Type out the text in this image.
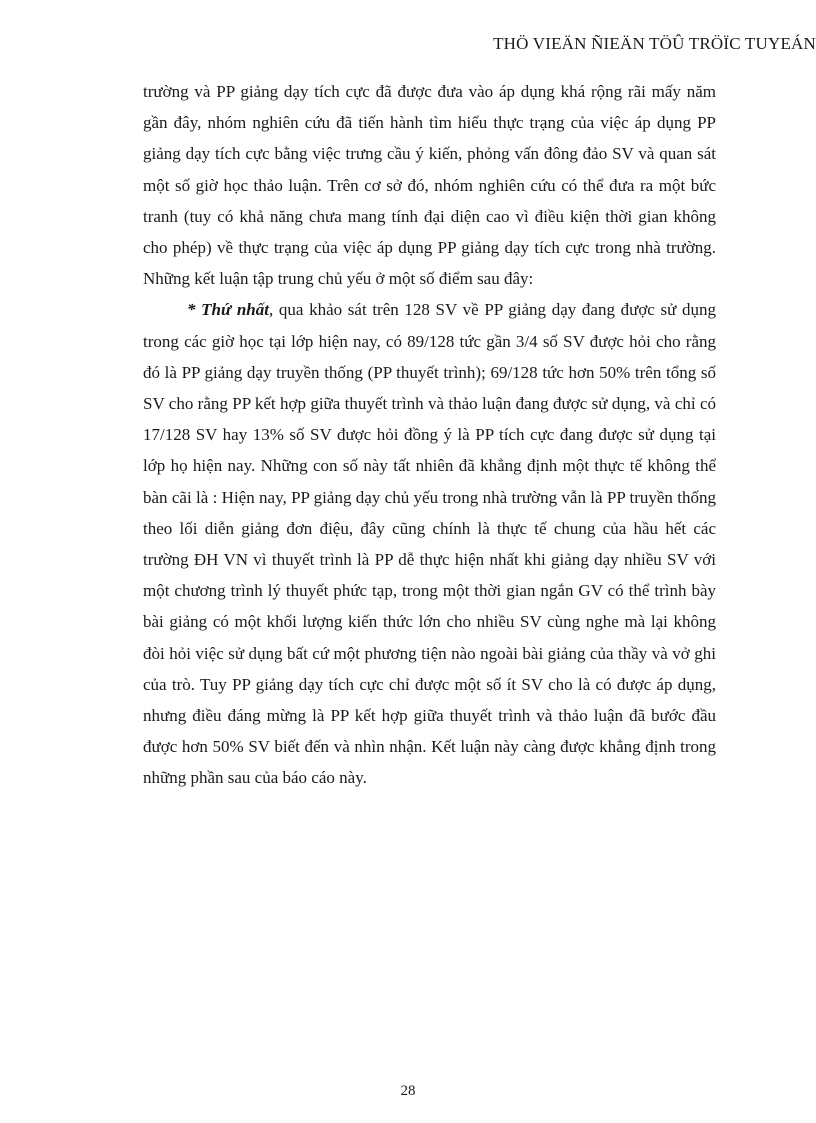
THÖ VIEÄN ÑIEÄN TÖÛ TRÖÏC TUYEÁN

trường và PP giảng dạy tích cực đã được đưa vào áp dụng khá rộng rãi mấy năm gần đây, nhóm nghiên cứu đã tiến hành tìm hiểu thực trạng của việc áp dụng PP giảng dạy tích cực bằng việc trưng cầu ý kiến, phỏng vấn đông đảo SV và quan sát một số giờ học thảo luận. Trên cơ sở đó, nhóm nghiên cứu có thể đưa ra một bức tranh (tuy có khả năng chưa mang tính đại diện cao vì điều kiện thời gian không cho phép) về thực trạng của việc áp dụng PP giảng dạy tích cực trong nhà trường. Những kết luận tập trung chủ yếu ở một số điểm sau đây:

* Thứ nhất, qua khảo sát trên 128 SV về PP giảng dạy đang được sử dụng trong các giờ học tại lớp hiện nay, có 89/128 tức gần 3/4 số SV được hỏi cho rằng đó là PP giảng dạy truyền thống (PP thuyết trình); 69/128 tức hơn 50% trên tổng số SV cho rằng PP kết hợp giữa thuyết trình và thảo luận đang được sử dụng, và chỉ có 17/128 SV hay 13% số SV được hỏi đồng ý là PP tích cực đang được sử dụng tại lớp họ hiện nay. Những con số này tất nhiên đã khẳng định một thực tế không thể bàn cãi là : Hiện nay, PP giảng dạy chủ yếu trong nhà trường vẫn là PP truyền thống theo lối diễn giảng đơn điệu, đây cũng chính là thực tế chung của hầu hết các trường ĐH VN vì thuyết trình là PP dễ thực hiện nhất khi giảng dạy nhiều SV với một chương trình lý thuyết phức tạp, trong một thời gian ngắn GV có thể trình bày bài giảng có một khối lượng kiến thức lớn cho nhiều SV cùng nghe mà lại không đòi hỏi việc sử dụng bất cứ một phương tiện nào ngoài bài giảng của thầy và vở ghi của trò. Tuy PP giảng dạy tích cực chỉ được một số ít SV cho là có được áp dụng, nhưng điều đáng mừng là PP kết hợp giữa thuyết trình và thảo luận đã bước đầu được hơn 50% SV biết đến và nhìn nhận. Kết luận này càng được khẳng định trong những phần sau của báo cáo này.

28
